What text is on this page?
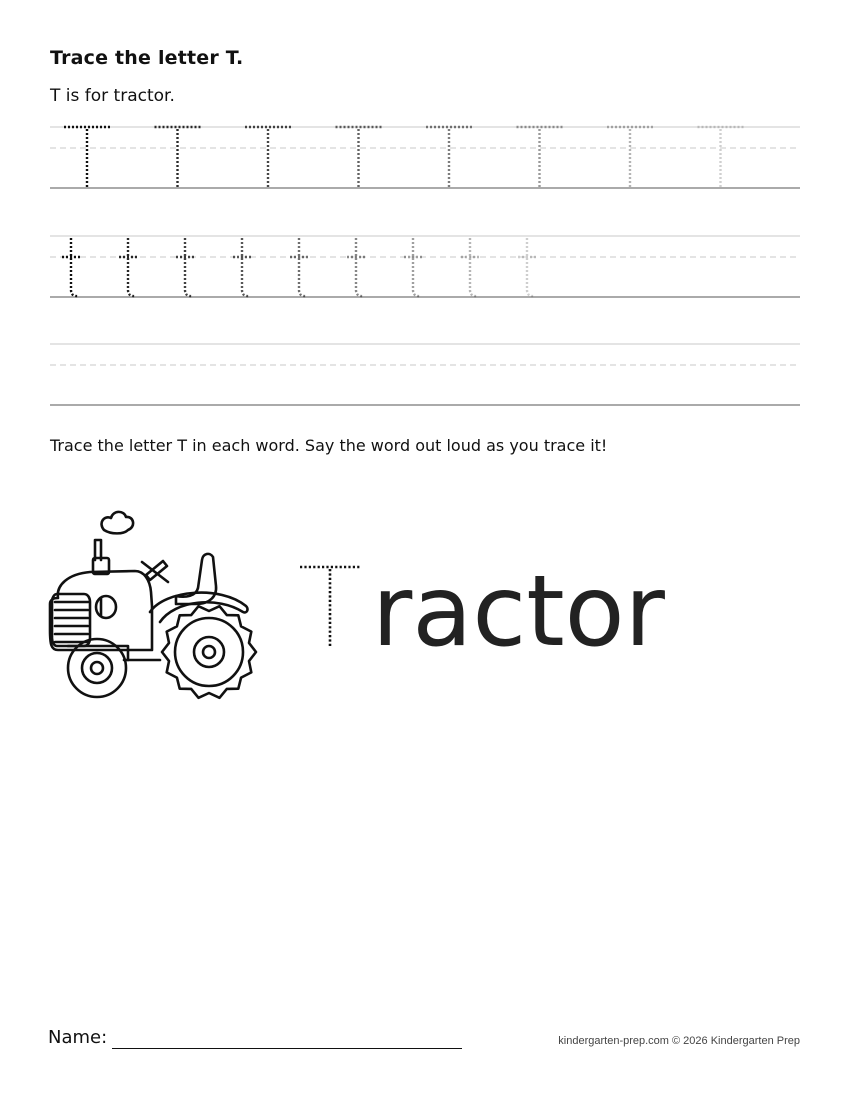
Trace the letter T.
T is for tractor.
ractor
Trace the letter T in each word. Say the word out loud as you trace it!
Name:	kindergarten-prep.com © 2026 Kindergarten Prep
